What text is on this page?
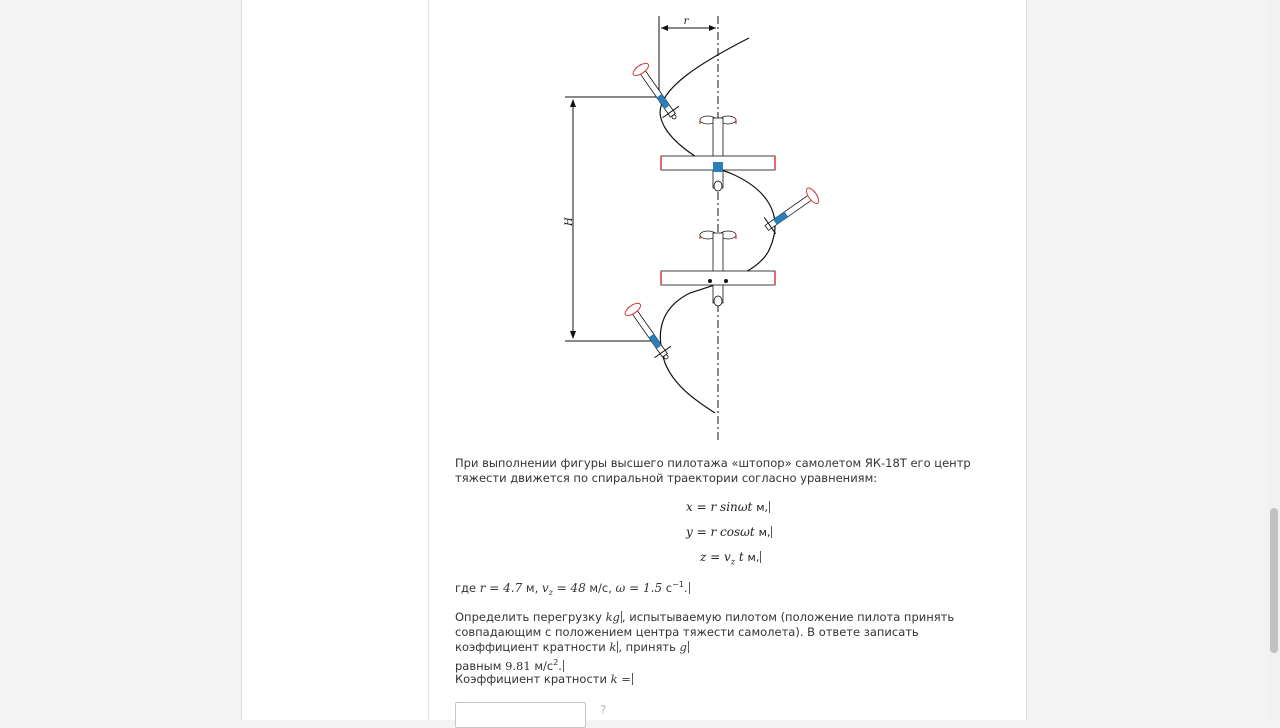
r
H
При выполнении фигуры высшего пилотажа «штопор» самолетом ЯК-18Т его центр тяжести движется по спиральной траектории согласно уравнениям:
x = r sinωt м,
y = r cosωt м,
$z = v_z$ t м,
где r = 4.7 м, $v_z = 48$ м/с, ω = 1.5 $с^{-1}$.
Определить перегрузку kg , испытываемую пилотом (положение пилота принять совпадающим с положением центра тяжести самолета). В ответе записать коэффициент кратности k , принять g
равным 9.81 $м/с^2$.
Коэффициент кратности k =
?
